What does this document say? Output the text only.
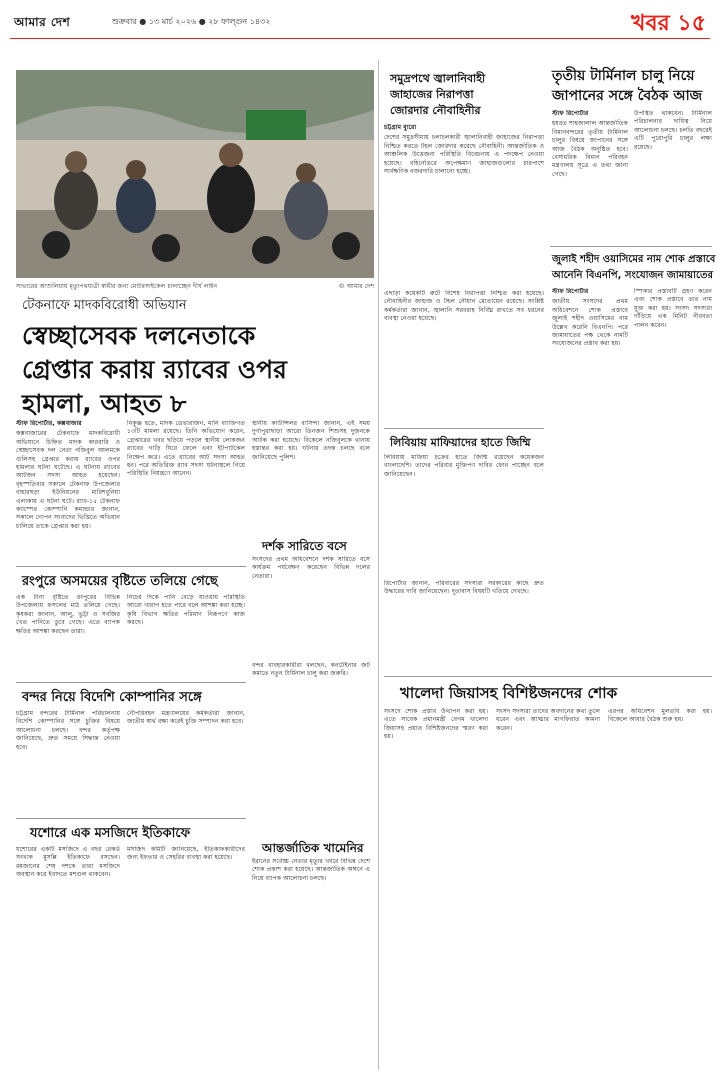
আমার দেশ	শুক্রবার ● ১৩ মার্চ ২০২৬ ● ২৮ ফাল্গুন ১৪৩২	খবর ১৫
সাভারের আশুলিয়ায় মৃত্যুপথযাত্রী স্বামীর জন্য মোটরসাইকেল চালাচ্ছেন দীর্ঘ লাইন	© আমার দেশ
টেকনাফে মাদকবিরোধী অভিযান
স্বেচ্ছাসেবক দলনেতাকে
গ্রেপ্তার করায় র‍্যাবের ওপর
হামলা, আহত ৮
স্টাফ রিপোর্টার, কক্সবাজার
কক্সবাজারের টেকনাফে মাদকবিরোধী অভিযানে চিহ্নিত মাদক কারবারি ও স্বেচ্ছাসেবক দল নেতা নজিবুল আলমকে গুলিসহ গ্রেপ্তার করায় র‍্যাবের ওপর হামলার ঘটনা ঘটেছে। এ ঘটনায় র‍্যাবের আটজন সদস্য আহত হয়েছেন। বৃহস্পতিবার সকালে টেকনাফ উপজেলার বাহারছড়া ইউনিয়নের মারিশবুনিয়া এলাকায় এ ঘটনা ঘটে। র‍্যাব-১৫ টেকনাফ ক্যাম্পের কোম্পানি কমান্ডার জানান, সকালে গোপন সংবাদের ভিত্তিতে অভিযান চালিয়ে তাকে গ্রেপ্তার করা হয়।
নিকুঞ্জ হতে, মাদক ডেভারাজন, মানি ব্যাক্তিগত ১৩টি মামলা রয়েছে। তিনি অভিযোগ করেন, গ্রেপ্তারের খবর ছড়িয়ে পড়লে স্থানীয় লোকজন র‍্যাবের গাড়ি ঘিরে ফেলে এবং ইটপাটকেল নিক্ষেপ করে। এতে র‍্যাবের আট সদস্য আহত হন। পরে অতিরিক্ত র‍্যাব সদস্য ঘটনাস্থলে গিয়ে পরিস্থিতি নিয়ন্ত্রণে আনেন।
স্থানীয় কাউন্সিলর বাসিন্দা জানান, এই সময় দুর্গাপুরাছাড়া আরো তিনজন শিশুসহ দুজনকে আটক করা হয়েছে। বিকেলে নজিবুলকে থানায় হস্তান্তর করা হয়। ঘটনার তদন্ত চলছে বলে জানিয়েছে পুলিশ।
দর্শক সারিতে বসে
সংসদের প্রথম অধিবেশনে দর্শক সারিতে বসে কার্যক্রম পর্যবেক্ষণ করেছেন বিভিন্ন দলের নেতারা।
রংপুরে অসময়ের বৃষ্টিতে তলিয়ে গেছে
এক টানা বৃষ্টিতে রংপুরের বিভিন্ন উপজেলায় ফসলের মাঠ তলিয়ে গেছে। কৃষকরা জানান, আলু, ভুট্টা ও সবজির খেত পানিতে ডুবে গেছে। এতে ব্যাপক ক্ষতির আশঙ্কা করছেন তারা।
নিচের দিকে পানি বেড়ে যাওয়ায় পরিস্থিতি আরো খারাপ হতে পারে বলে আশঙ্কা করা হচ্ছে। কৃষি বিভাগ ক্ষতির পরিমাণ নিরূপণে কাজ করছে।
বন্দর নিয়ে বিদেশি কোম্পানির সঙ্গে
চট্টগ্রাম বন্দরের টার্মিনাল পরিচালনায় বিদেশি কোম্পানির সঙ্গে চুক্তির বিষয়ে আলোচনা চলছে। বন্দর কর্তৃপক্ষ জানিয়েছে, দ্রুত সময়ে সিদ্ধান্ত নেওয়া হবে।
নৌপরিবহন মন্ত্রণালয়ের কর্মকর্তারা জানান, জাতীয় স্বার্থ রক্ষা করেই চুক্তি সম্পাদন করা হবে।
আন্তর্জাতিক খামেনির
ইরানের সর্বোচ্চ নেতার মৃত্যুর খবরে বিভিন্ন দেশে শোক প্রকাশ করা হয়েছে। আন্তর্জাতিক অঙ্গনে এ নিয়ে ব্যাপক আলোচনা চলছে।
বন্দর ব্যবহারকারীরা বলছেন, কনটেইনার জট কমাতে নতুন টার্মিনাল চালু করা জরুরি।
যশোরে এক মসজিদে ইতিকাফে
যশোরের একটি মসজিদে এ বছর রেকর্ড সংখ্যক মুসল্লি ইতিকাফে বসছেন। রমজানের শেষ দশকে তারা মসজিদে অবস্থান করে ইবাদতে মশগুল থাকবেন।
মসজিদ কমিটি জানিয়েছে, ইতিকাফকারীদের জন্য ইফতার ও সেহরির ব্যবস্থা করা হয়েছে।
সমুদ্রপথে জ্বালানিবাহী
জাহাজের নিরাপত্তা
জোরদার নৌবাহিনীর
চট্টগ্রাম ব্যুরো
দেশের সমুদ্রসীমায় চলাচলকারী জ্বালানিবাহী জাহাজের নিরাপত্তা নিশ্চিত করতে টহল জোরদার করেছে নৌবাহিনী। আন্তর্জাতিক ও আঞ্চলিক উত্তেজনা পরিস্থিতি বিবেচনায় এ পদক্ষেপ নেওয়া হয়েছে। বহির্নোঙরে অপেক্ষমাণ জাহাজগুলোর চারপাশে সার্বক্ষণিক নজরদারি চালানো হচ্ছে।
এছাড়া কয়েকটি রুটে বিশেষ নিরাপত্তা নিশ্চিত করা হয়েছে। নৌবাহিনীর জাহাজ ও টহল নৌযান মোতায়েন রয়েছে। সংশ্লিষ্ট কর্মকর্তারা জানান, জ্বালানি সরবরাহ নির্বিঘ্ন রাখতে সব ধরনের ব্যবস্থা নেওয়া হয়েছে।
তৃতীয় টার্মিনাল চালু নিয়ে
জাপানের সঙ্গে বৈঠক আজ
স্টাফ রিপোর্টার
হযরত শাহজালাল আন্তর্জাতিক বিমানবন্দরের তৃতীয় টার্মিনাল চালুর বিষয়ে জাপানের সঙ্গে আজ বৈঠক অনুষ্ঠিত হবে। বেসামরিক বিমান পরিবহন মন্ত্রণালয় সূত্রে এ তথ্য জানা গেছে।
উপস্থিত থাকবেন। টার্মিনাল পরিচালনার দায়িত্ব নিয়ে আলোচনা চলছে। চলতি বছরেই এটি পুরোপুরি চালুর লক্ষ্য রয়েছে।
জুলাই শহীদ ওয়াসিমের নাম শোক প্রস্তাবে
আনেনি বিএনপি, সংযোজন জামায়াতের
স্টাফ রিপোর্টার
জাতীয় সংসদের প্রথম অধিবেশনে শোক প্রস্তাবে জুলাই শহীদ ওয়াসিমের নাম উল্লেখ করেনি বিএনপি। পরে জামায়াতের পক্ষ থেকে নামটি সংযোজনের প্রস্তাব করা হয়।
স্পিকার প্রস্তাবটি গ্রহণ করেন এবং শোক প্রস্তাবে তার নাম যুক্ত করা হয়। সংসদ সদস্যরা দাঁড়িয়ে এক মিনিট নীরবতা পালন করেন।
লিবিয়ায় মাফিয়াদের হাতে জিম্মি
লিবিয়ায় মাফিয়া চক্রের হাতে জিম্মি রয়েছেন কয়েকজন বাংলাদেশি। তাদের পরিবার মুক্তিপণ দাবির ফোন পাচ্ছেন বলে জানিয়েছেন।
রিপোর্টার জানান, পরিবারের সদস্যরা সরকারের কাছে দ্রুত উদ্ধারের দাবি জানিয়েছেন। দূতাবাস বিষয়টি খতিয়ে দেখছে।
খালেদা জিয়াসহ বিশিষ্টজনদের শোক
সংসদে শোক প্রস্তাব উত্থাপন করা হয়। এতে সাবেক প্রধানমন্ত্রী বেগম খালেদা জিয়াসহ প্রয়াত বিশিষ্টজনদের স্মরণ করা হয়।
সংসদ সদস্যরা তাদের অবদানের কথা তুলে ধরেন এবং আত্মার মাগফিরাত কামনা করেন।
এরপর অধিবেশন মুলতবি করা হয়। বিকেলে আবার বৈঠক শুরু হয়।
